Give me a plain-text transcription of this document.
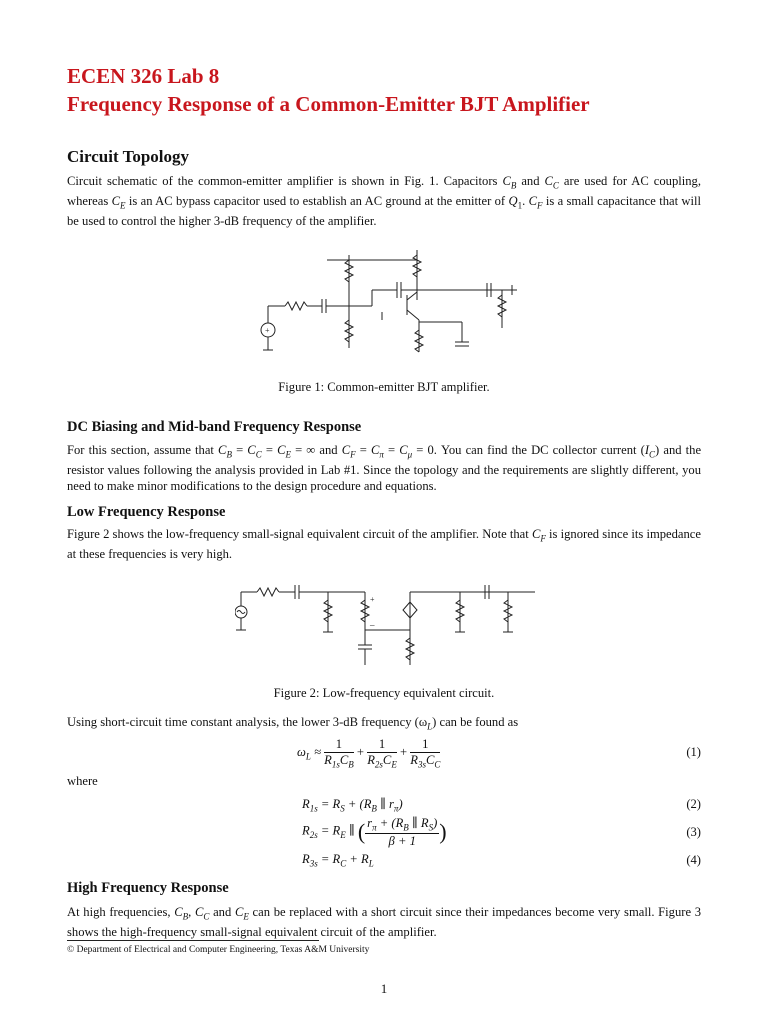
ECEN 326 Lab 8
Frequency Response of a Common-Emitter BJT Amplifier
Circuit Topology

Circuit schematic of the common-emitter amplifier is shown in Fig. 1. Capacitors $C_B$ and $C_C$ are used for AC coupling, whereas $C_E$ is an AC bypass capacitor used to establish an AC ground at the emitter of $Q_1$. $C_F$ is a small capacitance that will be used to control the higher 3-dB frequency of the amplifier.

+
Figure 1: Common-emitter BJT amplifier.
DC Biasing and Mid-band Frequency Response

For this section, assume that $C_B = C_C = C_E$ = ∞ and $C_F = C_\pi = C_\mu = 0$. You can find the DC collector current $(I_C)$ and the resistor values following the analysis provided in Lab #1. Since the topology and the requirements are slightly different, you need to make minor modifications to the design procedure and equations.

Low Frequency Response

Figure 2 shows the low-frequency small-signal equivalent circuit of the amplifier. Note that $C_F$ is ignored since its impedance at these frequencies is very high.

+
–
Figure 2: Low-frequency equivalent circuit.

Using short-circuit time constant analysis, the lower 3-dB frequency $(\omega_L)$ can be found as

$\omega_L \approx \frac{1}{R_{1s}C_B} + \frac{1}{R_{2s}C_E} + \frac{1}{R_{3s}C_C}$	(1)
where
$R_{1s} = R_S + (R_B$ ∥ $r_\pi$)	(2)
$R_{2s} = R_E$ ∥ ( $\frac{r_\pi + (R_B \parallel R_S)}{\beta + 1}$ )	(3)
$R_{3s} = R_C + R_L$	(4)
High Frequency Response

At high frequencies, $C_B$, $C_C$ and $C_E$ can be replaced with a short circuit since their impedances become very small. Figure 3 shows the high-frequency small-signal equivalent circuit of the amplifier.

© Department of Electrical and Computer Engineering, Texas A&M University
1
